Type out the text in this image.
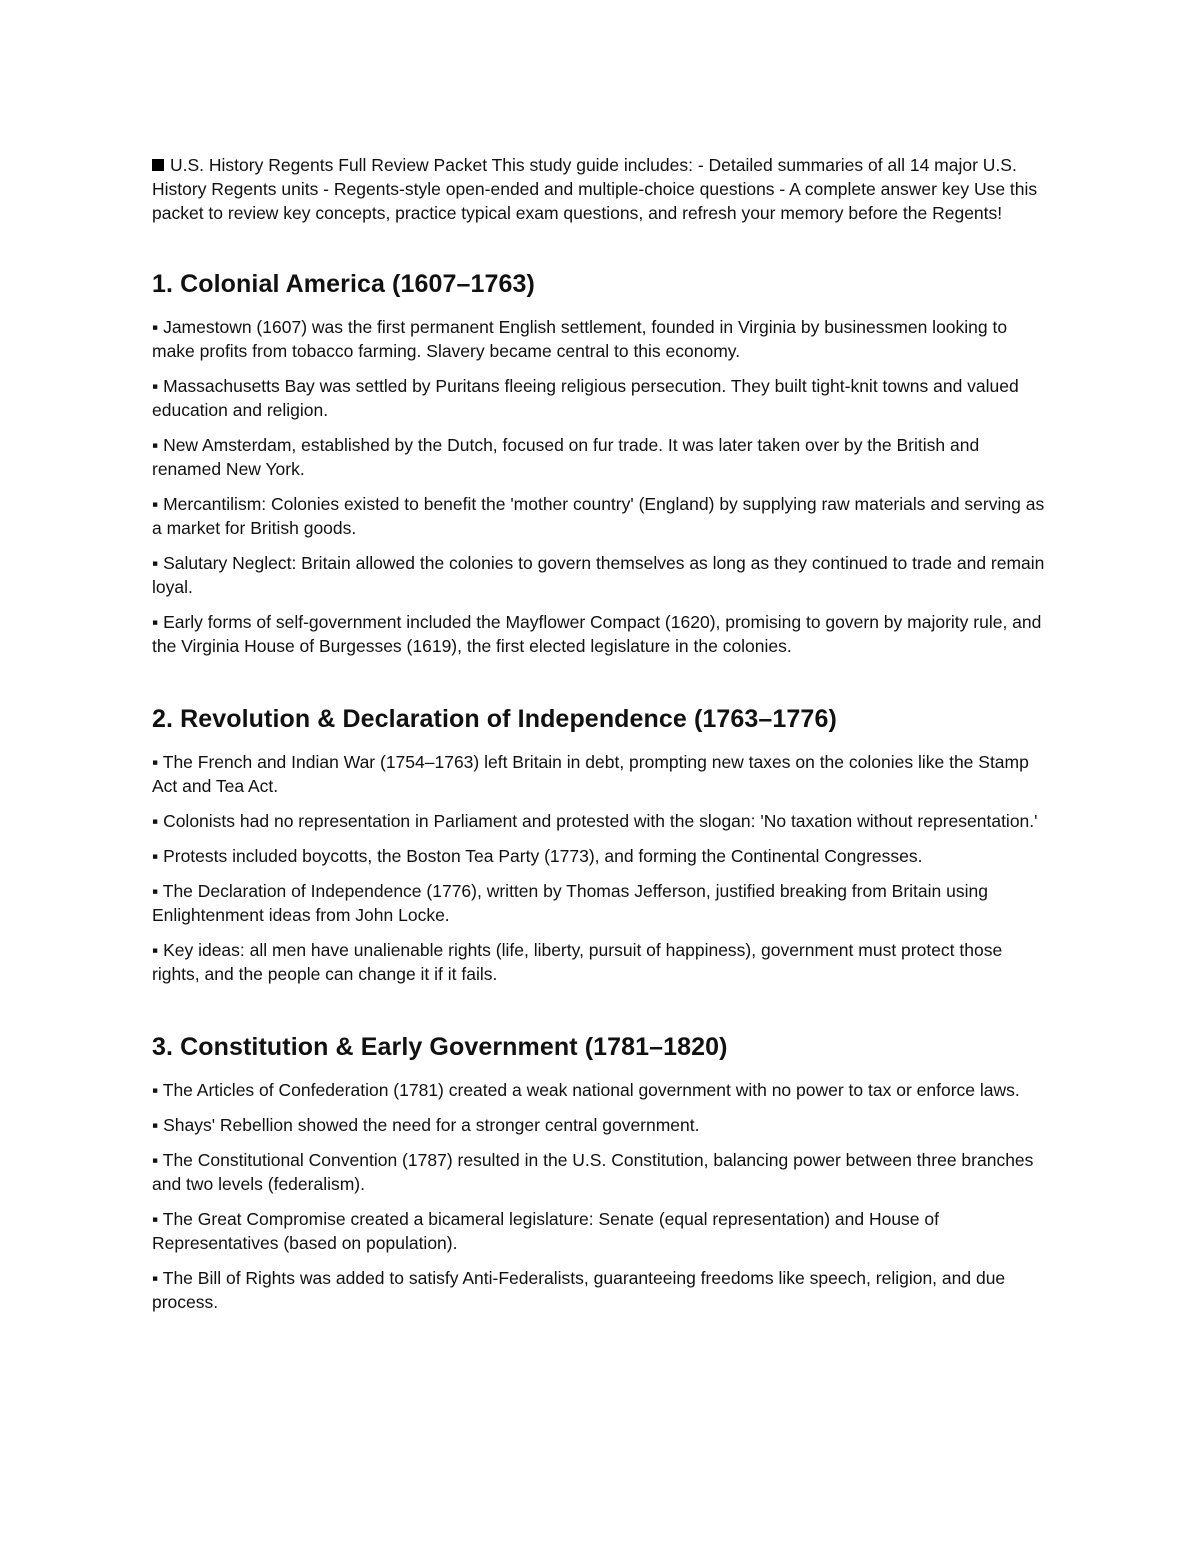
U.S. History Regents Full Review Packet This study guide includes: - Detailed summaries of all 14 major U.S. History Regents units - Regents-style open-ended and multiple-choice questions - A complete answer key Use this packet to review key concepts, practice typical exam questions, and refresh your memory before the Regents!

1. Colonial America (1607–1763)

▪ Jamestown (1607) was the first permanent English settlement, founded in Virginia by businessmen looking to make profits from tobacco farming. Slavery became central to this economy.

▪ Massachusetts Bay was settled by Puritans fleeing religious persecution. They built tight-knit towns and valued education and religion.

▪ New Amsterdam, established by the Dutch, focused on fur trade. It was later taken over by the British and renamed New York.

▪ Mercantilism: Colonies existed to benefit the 'mother country' (England) by supplying raw materials and serving as a market for British goods.

▪ Salutary Neglect: Britain allowed the colonies to govern themselves as long as they continued to trade and remain loyal.

▪ Early forms of self-government included the Mayflower Compact (1620), promising to govern by majority rule, and the Virginia House of Burgesses (1619), the first elected legislature in the colonies.

2. Revolution & Declaration of Independence (1763–1776)

▪ The French and Indian War (1754–1763) left Britain in debt, prompting new taxes on the colonies like the Stamp Act and Tea Act.

▪ Colonists had no representation in Parliament and protested with the slogan: 'No taxation without representation.'

▪ Protests included boycotts, the Boston Tea Party (1773), and forming the Continental Congresses.

▪ The Declaration of Independence (1776), written by Thomas Jefferson, justified breaking from Britain using Enlightenment ideas from John Locke.

▪ Key ideas: all men have unalienable rights (life, liberty, pursuit of happiness), government must protect those rights, and the people can change it if it fails.

3. Constitution & Early Government (1781–1820)

▪ The Articles of Confederation (1781) created a weak national government with no power to tax or enforce laws.

▪ Shays' Rebellion showed the need for a stronger central government.

▪ The Constitutional Convention (1787) resulted in the U.S. Constitution, balancing power between three branches and two levels (federalism).

▪ The Great Compromise created a bicameral legislature: Senate (equal representation) and House of Representatives (based on population).

▪ The Bill of Rights was added to satisfy Anti-Federalists, guaranteeing freedoms like speech, religion, and due process.
